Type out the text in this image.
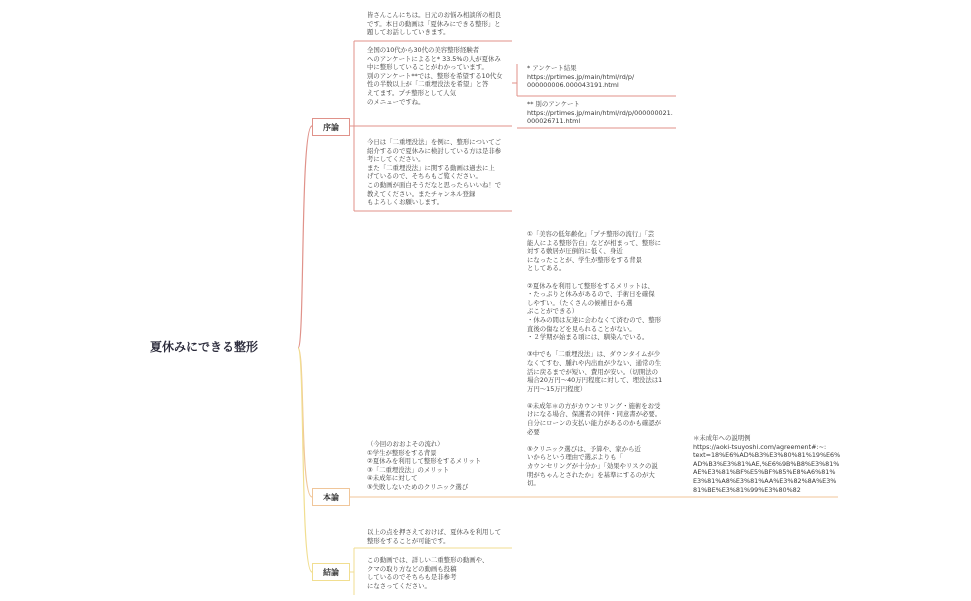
夏休みにできる整形
序論
本論
結論
皆さんこんにちは。日元のお悩み相談所の相良
です。本日の動画は「夏休みにできる整形」と
題してお話ししていきます。
全国の10代から30代の美容整形経験者
へのアンケートによると* 33.5%の人が夏休み
中に整形していることがわかっています。
別のアンケート**では、整形を希望する10代女
性の半数以上が「二重埋没法を希望」と答
えてます。プチ整形として人気
のメニューですね。
* アンケート結果
https://prtimes.jp/main/html/rd/p/
000000006.000043191.html
** 別のアンケート
https://prtimes.jp/main/html/rd/p/000000021.
000026711.html
今日は「二重埋没法」を例に、整形についてご
紹介するので夏休みに検討している方は是非参
考にしてください。
また「二重埋没法」に関する動画は過去に上
げているので、そちらもご覧ください。
この動画が面白そうだなと思ったらいいね！で
教えてください。またチャンネル登録
もよろしくお願いします。
（今回のおおよその流れ）
①学生が整形をする背景
②夏休みを利用して整形をするメリット
③「二重埋没法」のメリット
④未成年に対して
⑤失敗しないためのクリニック選び
①「美容の低年齢化」「プチ整形の流行」「芸
能人による整形告白」などが相まって、整形に
対する敷居が圧倒的に低く、身近
になったことが、学生が整形をする背景
としてある。

②夏休みを利用して整形をするメリットは、
・たっぷりと休みがあるので、手術日を確保
しやすい。（たくさんの候補日から選
ぶことができる）
・休みの間は友達に会わなくて済むので、整形
直後の傷などを見られることがない。
・２学期が始まる頃には、馴染んでいる。

③中でも「二重埋没法」は、ダウンタイムが少
なくてすむ、腫れや内出血が少ない、通常の生
活に戻るまでが短い、費用が安い。（切開法の
場合20万円〜40万円程度に対して、埋没法は1
万円〜15万円程度）

④未成年＊の方がカウンセリング・施術をお受
けになる場合、保護者の同伴・同意書が必要。
自分にローンの支払い能力があるのかも確認が
必要

⑤クリニック選びは、予算や、家から近
いからという理由で選ぶよりも「
カウンセリングが十分か」「効果やリスクの説
明がちゃんとされたか」を基準にするのが大
切。
＊未成年への説明例
https://aoki-tsuyoshi.com/agreement#:~:
text=18%E6%AD%B3%E3%80%81%19%E6%
AD%B3%E3%81%AE,%E6%9B%B8%E3%81%
AE%E3%81%BF%E5%BF%85%E8%A6%81%
E3%81%A8%E3%81%AA%E3%82%8A%E3%
81%BE%E3%81%99%E3%80%82
以上の点を押さえておけば、夏休みを利用して
整形をすることが可能です。
この動画では、詳しい二重整形の動画や、
クマの取り方などの動画も投稿
しているのでそちらも是非参考
になさってください。
